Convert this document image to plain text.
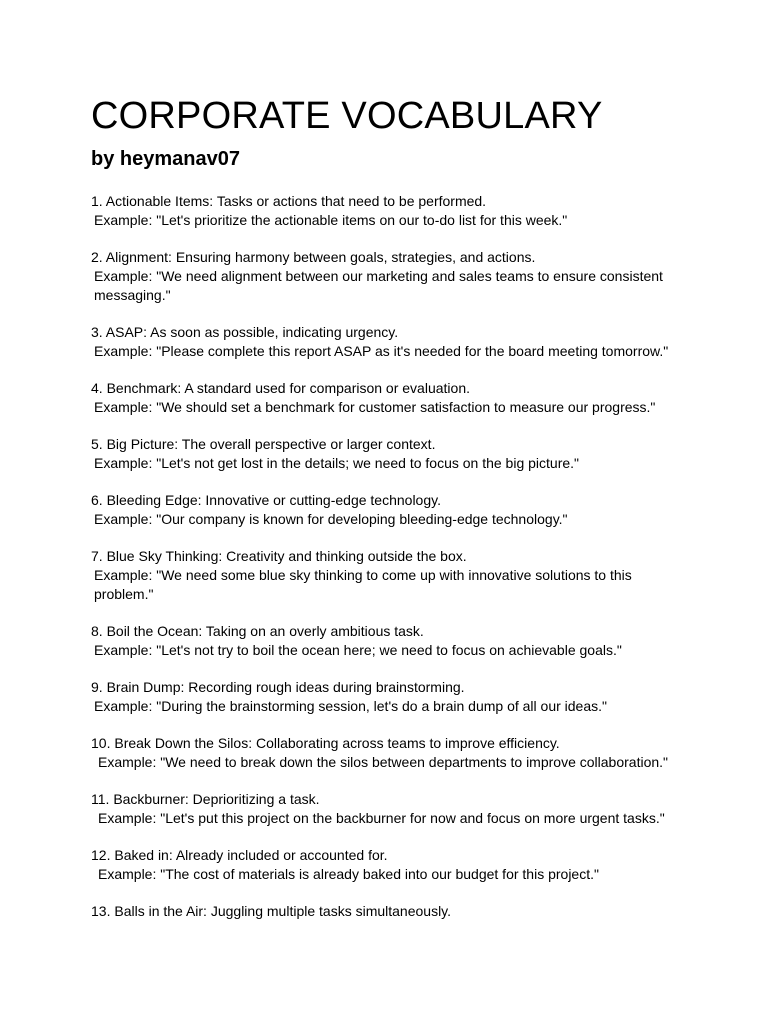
CORPORATE VOCABULARY
by heymanav07
1. Actionable Items: Tasks or actions that need to be performed.
Example: "Let's prioritize the actionable items on our to-do list for this week."
2. Alignment: Ensuring harmony between goals, strategies, and actions.
Example: "We need alignment between our marketing and sales teams to ensure consistent messaging."
3. ASAP: As soon as possible, indicating urgency.
Example: "Please complete this report ASAP as it's needed for the board meeting tomorrow."
4. Benchmark: A standard used for comparison or evaluation.
Example: "We should set a benchmark for customer satisfaction to measure our progress."
5. Big Picture: The overall perspective or larger context.
Example: "Let's not get lost in the details; we need to focus on the big picture."
6. Bleeding Edge: Innovative or cutting-edge technology.
Example: "Our company is known for developing bleeding-edge technology."
7. Blue Sky Thinking: Creativity and thinking outside the box.
Example: "We need some blue sky thinking to come up with innovative solutions to this problem."
8. Boil the Ocean: Taking on an overly ambitious task.
Example: "Let's not try to boil the ocean here; we need to focus on achievable goals."
9. Brain Dump: Recording rough ideas during brainstorming.
Example: "During the brainstorming session, let's do a brain dump of all our ideas."
10. Break Down the Silos: Collaborating across teams to improve efficiency.
Example: "We need to break down the silos between departments to improve collaboration."
11. Backburner: Deprioritizing a task.
Example: "Let's put this project on the backburner for now and focus on more urgent tasks."
12. Baked in: Already included or accounted for.
Example: "The cost of materials is already baked into our budget for this project."
13. Balls in the Air: Juggling multiple tasks simultaneously.
